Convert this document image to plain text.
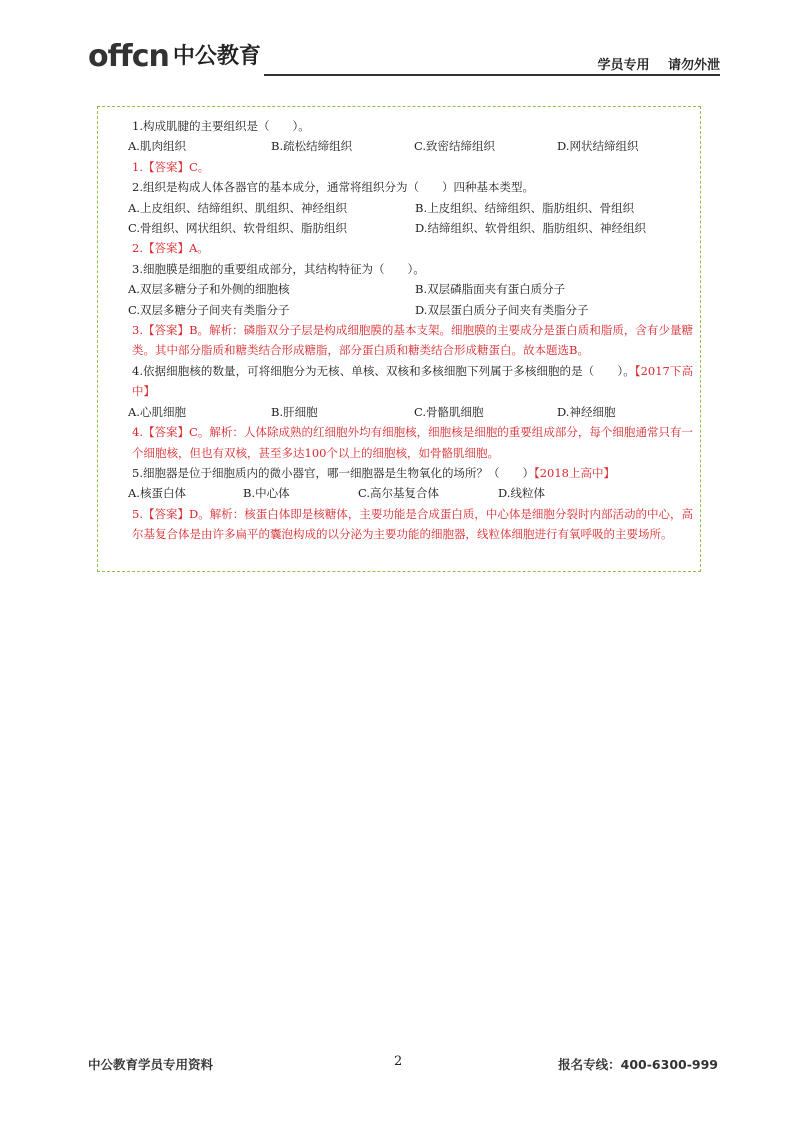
offcn 中公教育	学员专用 请勿外泄
1.构成肌腱的主要组织是（　　）。
A.肌肉组织	B.疏松结缔组织	C.致密结缔组织	D.网状结缔组织
1.【答案】C。
2.组织是构成人体各器官的基本成分，通常将组织分为（　　）四种基本类型。
A.上皮组织、结缔组织、肌组织、神经组织	B.上皮组织、结缔组织、脂肪组织、骨组织
C.骨组织、网状组织、软骨组织、脂肪组织	D.结缔组织、软骨组织、脂肪组织、神经组织
2.【答案】A。
3.细胞膜是细胞的重要组成部分，其结构特征为（　　）。
A.双层多糖分子和外侧的细胞核	B.双层磷脂面夹有蛋白质分子
C.双层多糖分子间夹有类脂分子	D.双层蛋白质分子间夹有类脂分子
3.【答案】B。解析：磷脂双分子层是构成细胞膜的基本支架。细胞膜的主要成分是蛋白质和脂质，含有少量糖类。其中部分脂质和糖类结合形成糖脂，部分蛋白质和糖类结合形成糖蛋白。故本题选B。
4.依据细胞核的数量，可将细胞分为无核、单核、双核和多核细胞下列属于多核细胞的是（　　）。【2017下高中】
A.心肌细胞	B.肝细胞	C.骨骼肌细胞	D.神经细胞
4.【答案】C。解析：人体除成熟的红细胞外均有细胞核，细胞核是细胞的重要组成部分，每个细胞通常只有一个细胞核，但也有双核，甚至多达100个以上的细胞核，如骨骼肌细胞。
5.细胞器是位于细胞质内的微小器官，哪一细胞器是生物氧化的场所？（　　）【2018上高中】
A.核蛋白体	B.中心体	C.高尔基复合体	D.线粒体
5.【答案】D。解析：核蛋白体即是核糖体，主要功能是合成蛋白质，中心体是细胞分裂时内部活动的中心，高尔基复合体是由许多扁平的囊泡构成的以分泌为主要功能的细胞器，线粒体细胞进行有氧呼吸的主要场所。
中公教育学员专用资料	2	报名专线：400-6300-999
